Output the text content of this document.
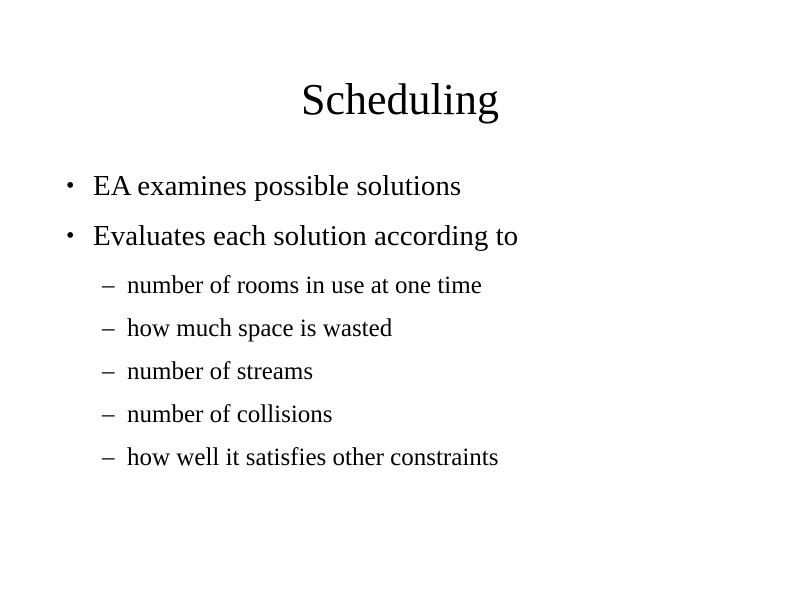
Scheduling
• EA examines possible solutions
• Evaluates each solution according to
– number of rooms in use at one time
– how much space is wasted
– number of streams
– number of collisions
– how well it satisfies other constraints
